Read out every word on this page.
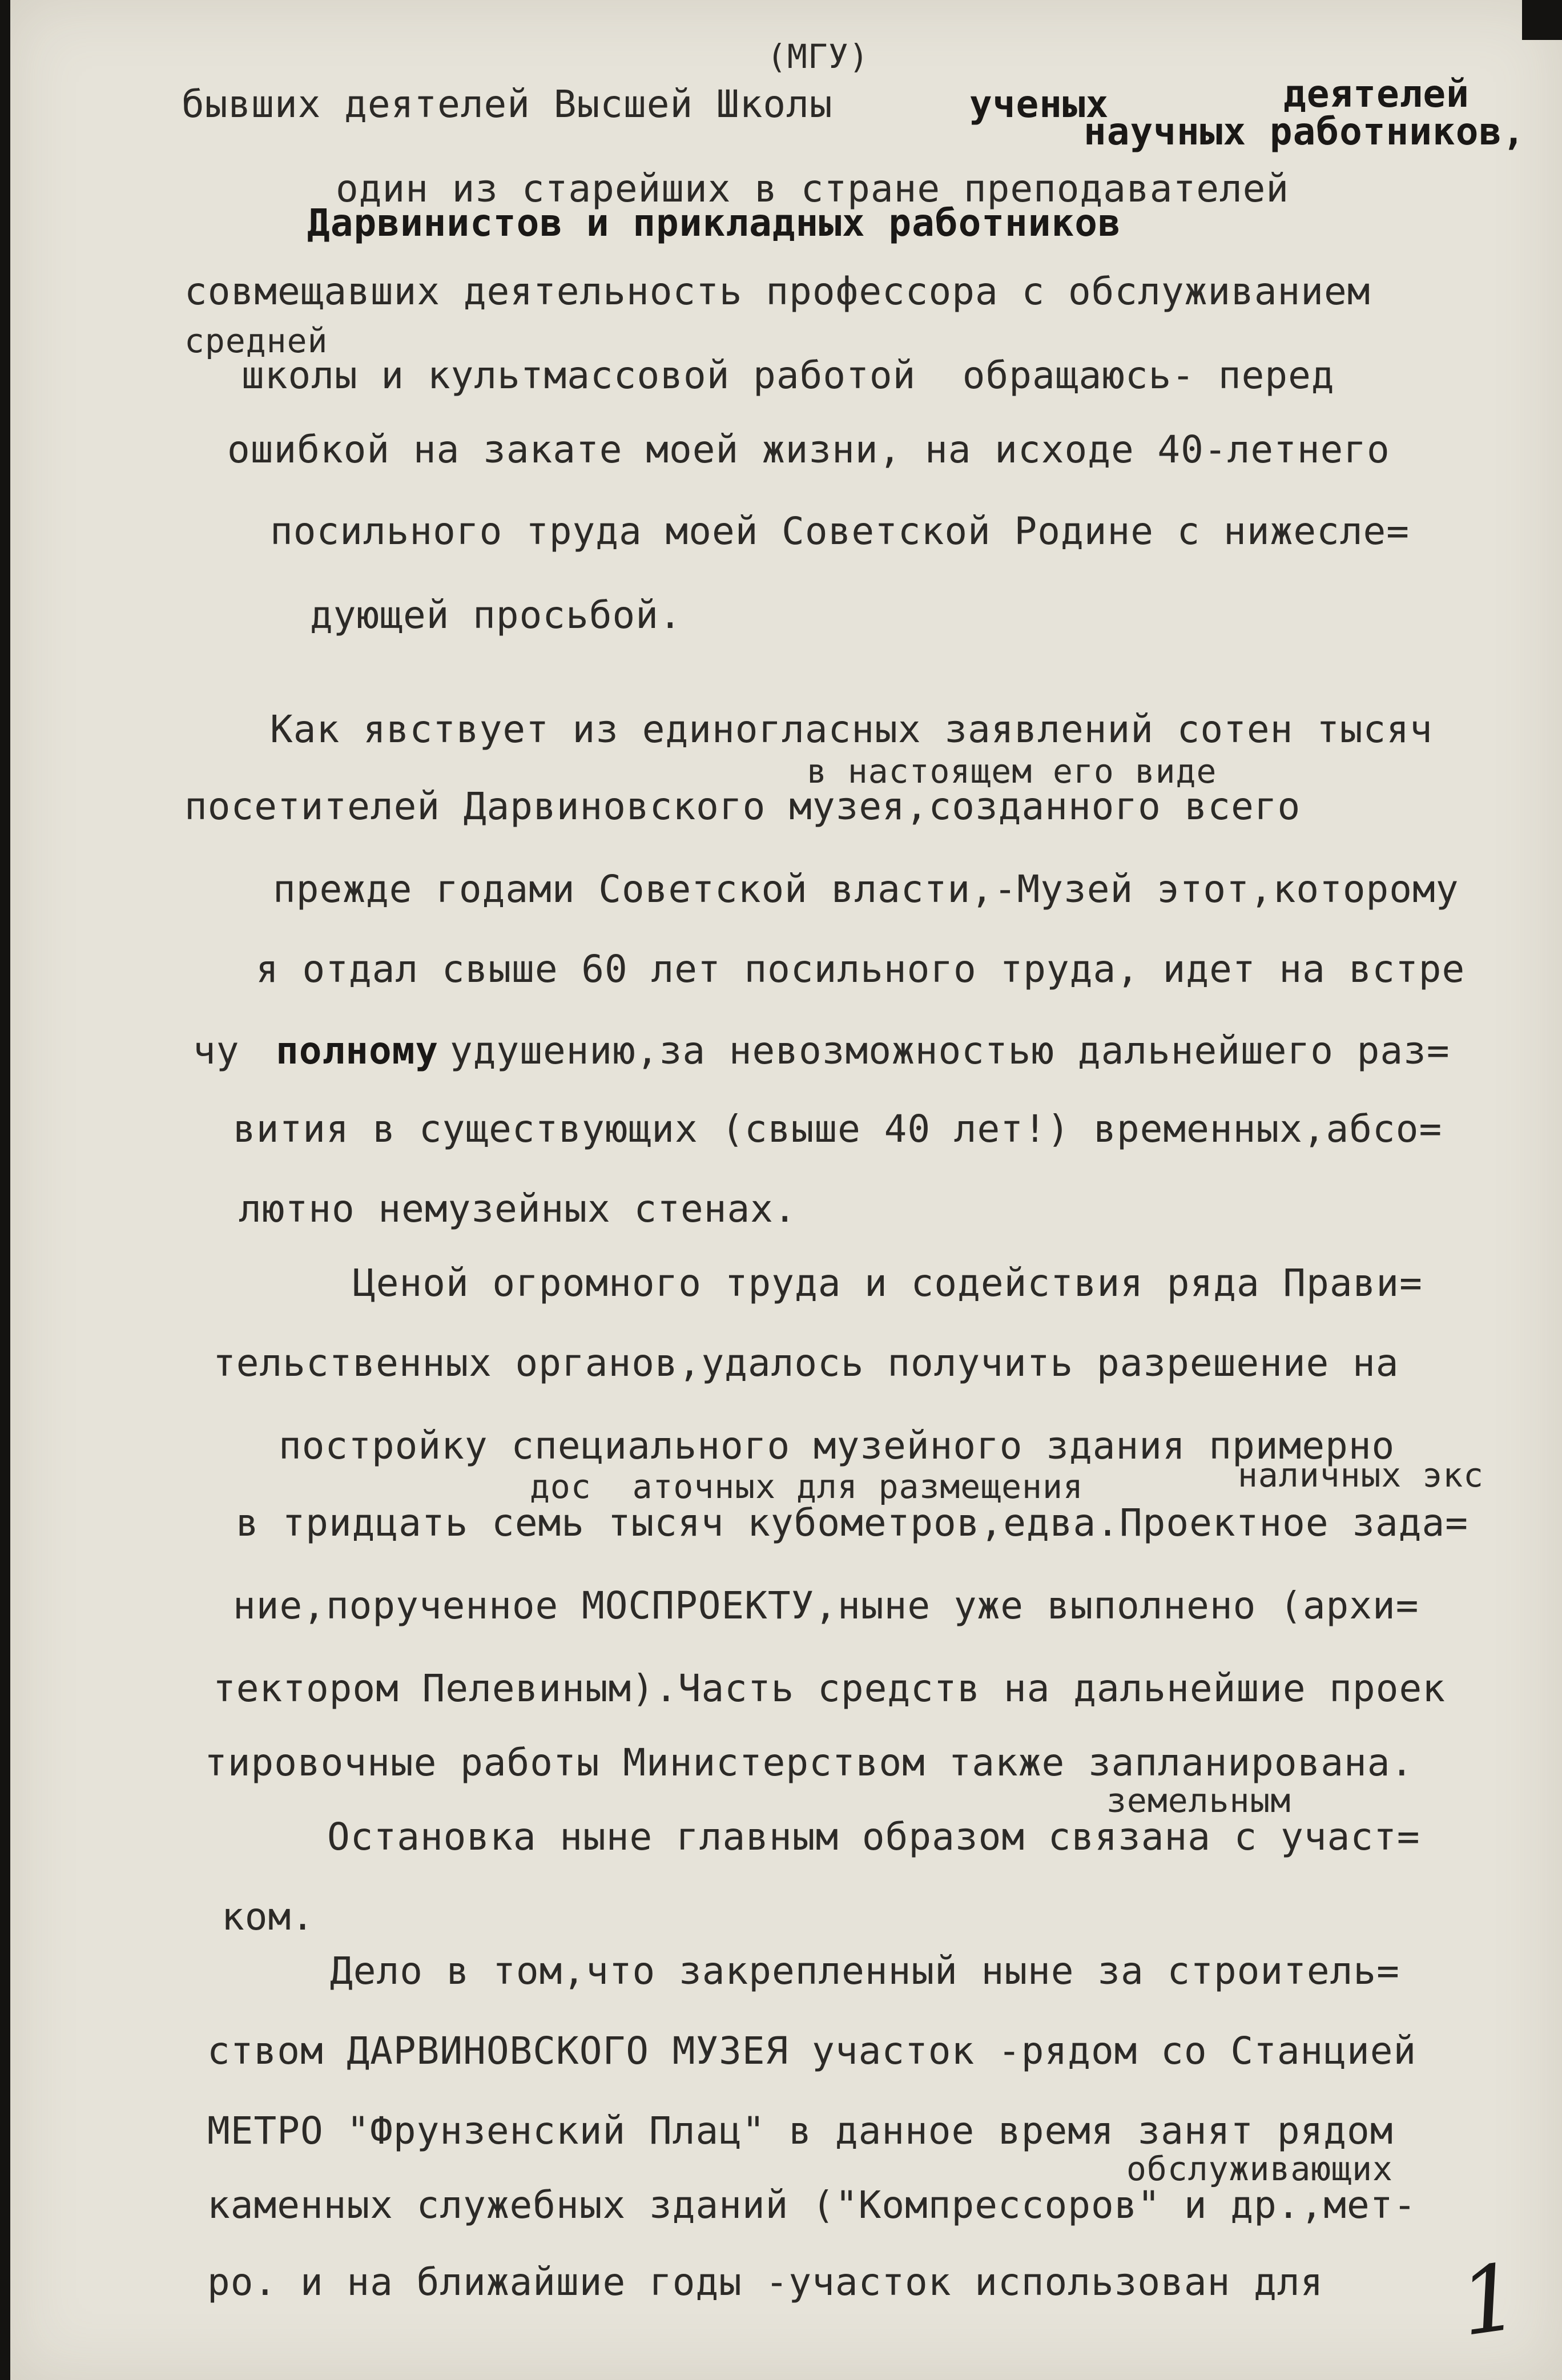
(МГУ)
бывших деятелей Высшей Школы	ученых	деятелей
научных работников,
один из старейших в стране преподавателей
Дарвинистов и прикладных работников
совмещавших деятельность профессора с обслуживанием
средней
школы и культмассовой работой  обращаюсь- перед
ошибкой на закате моей жизни, на исходе 40-летнего
посильного труда моей Советской Родине с нижесле=
дующей просьбой.
Как явствует из единогласных заявлений сотен тысяч
в настоящем его виде
посетителей Дарвиновского музея,созданного всего
прежде годами Советской власти,-Музей этот,которому
я отдал свыше 60 лет посильного труда, идет на встре
чу полному удушению,за невозможностью дальнейшего раз=
вития в существующих (свыше 40 лет!) временных,абсо=
лютно немузейных стенах.
Ценой огромного труда и содействия ряда Прави=
тельственных органов,удалось получить разрешение на
постройку специального музейного здания примерно
дос  аточных для размещения	наличных экс
в тридцать семь тысяч кубометров,едва.Проектное зада=
ние,порученное МОСПРОЕКТУ,ныне уже выполнено (архи=
тектором Пелевиным).Часть средств на дальнейшие проек
тировочные работы Министерством также запланирована.
земельным
Остановка ныне главным образом связана с участ=
ком.
Дело в том,что закрепленный ныне за строитель=
ством ДАРВИНОВСКОГО МУЗЕЯ участок -рядом со Станцией
МЕТРО "Фрунзенский Плац" в данное время занят рядом
обслуживающих
каменных служебных зданий ("Компрессоров" и др.,мет-
ро. и на ближайшие годы -участок использован для 1
